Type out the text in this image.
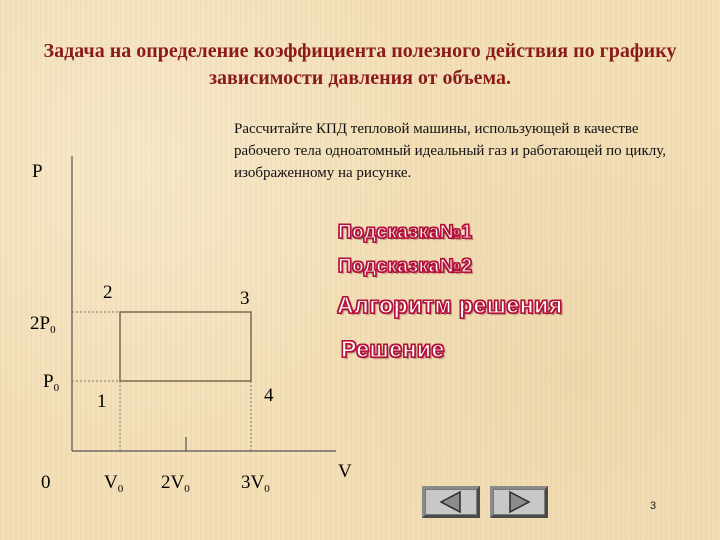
Задача на определение коэффициента полезного действия по графику зависимости давления от объема.
Рассчитайте КПД тепловой машины, использующей в качестве рабочего тела одноатомный идеальный газ и работающей по циклу, изображенному на рисунке.
P
V
0
$2P_0$
$P_0$
$V_0$ $2V_0$	$3V_0$
1
2	3
4
Подсказка№1
Подсказка№2
Алгоритм решения
Решение
3
